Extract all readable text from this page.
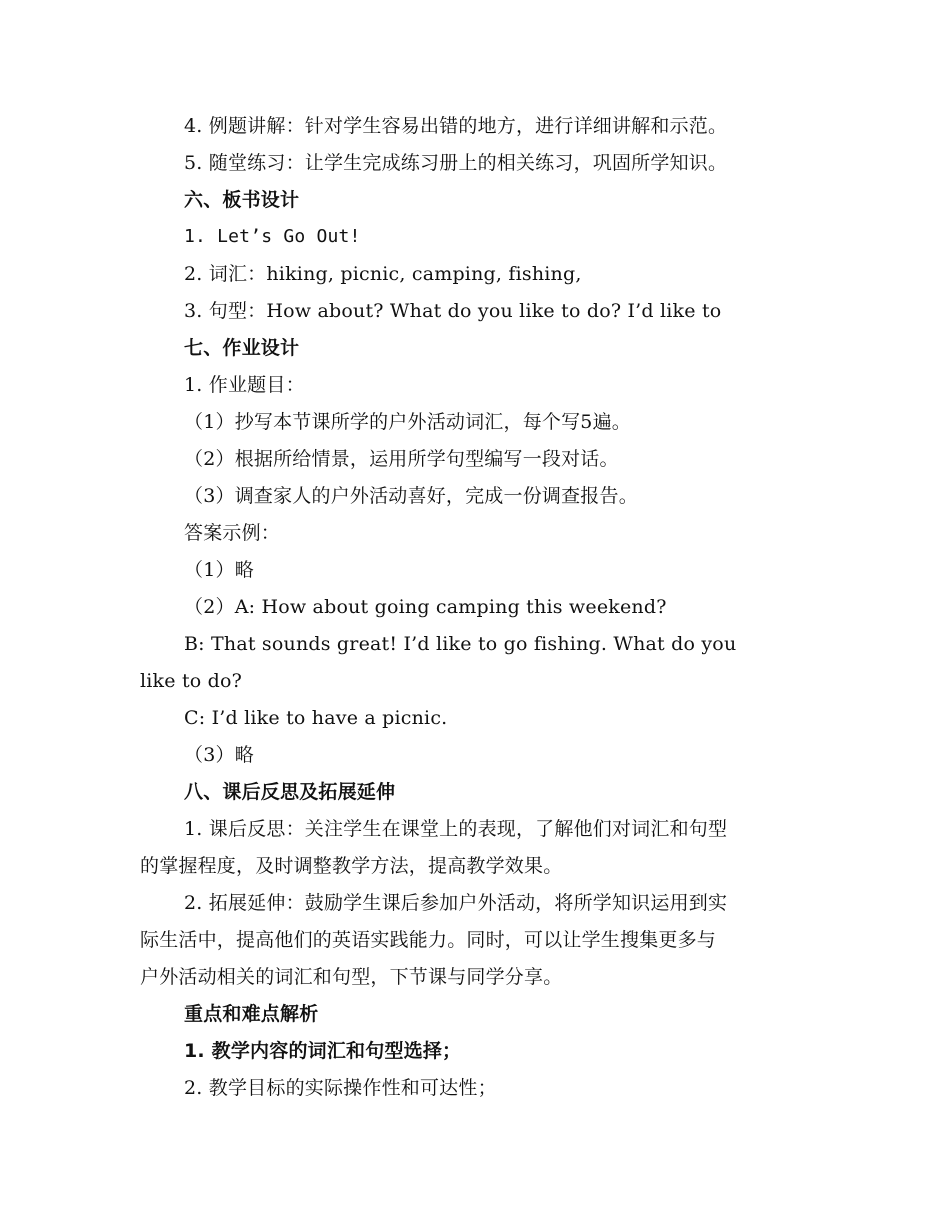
4. 例题讲解：针对学生容易出错的地方，进行详细讲解和示范。
5. 随堂练习：让学生完成练习册上的相关练习，巩固所学知识。
六、板书设计
1. Let’s Go Out!
2. 词汇：hiking, picnic, camping, fishing,
3. 句型：How about? What do you like to do? I’d like to
七、作业设计
1. 作业题目：
（1）抄写本节课所学的户外活动词汇，每个写5遍。
（2）根据所给情景，运用所学句型编写一段对话。
（3）调查家人的户外活动喜好，完成一份调查报告。
答案示例：
（1）略
（2）A: How about going camping this weekend?
B: That sounds great! I’d like to go fishing. What do you
like to do?
C: I’d like to have a picnic.
（3）略
八、课后反思及拓展延伸
1. 课后反思：关注学生在课堂上的表现，了解他们对词汇和句型
的掌握程度，及时调整教学方法，提高教学效果。
2. 拓展延伸：鼓励学生课后参加户外活动，将所学知识运用到实
际生活中，提高他们的英语实践能力。同时，可以让学生搜集更多与
户外活动相关的词汇和句型，下节课与同学分享。
重点和难点解析
1. 教学内容的词汇和句型选择；
2. 教学目标的实际操作性和可达性；
